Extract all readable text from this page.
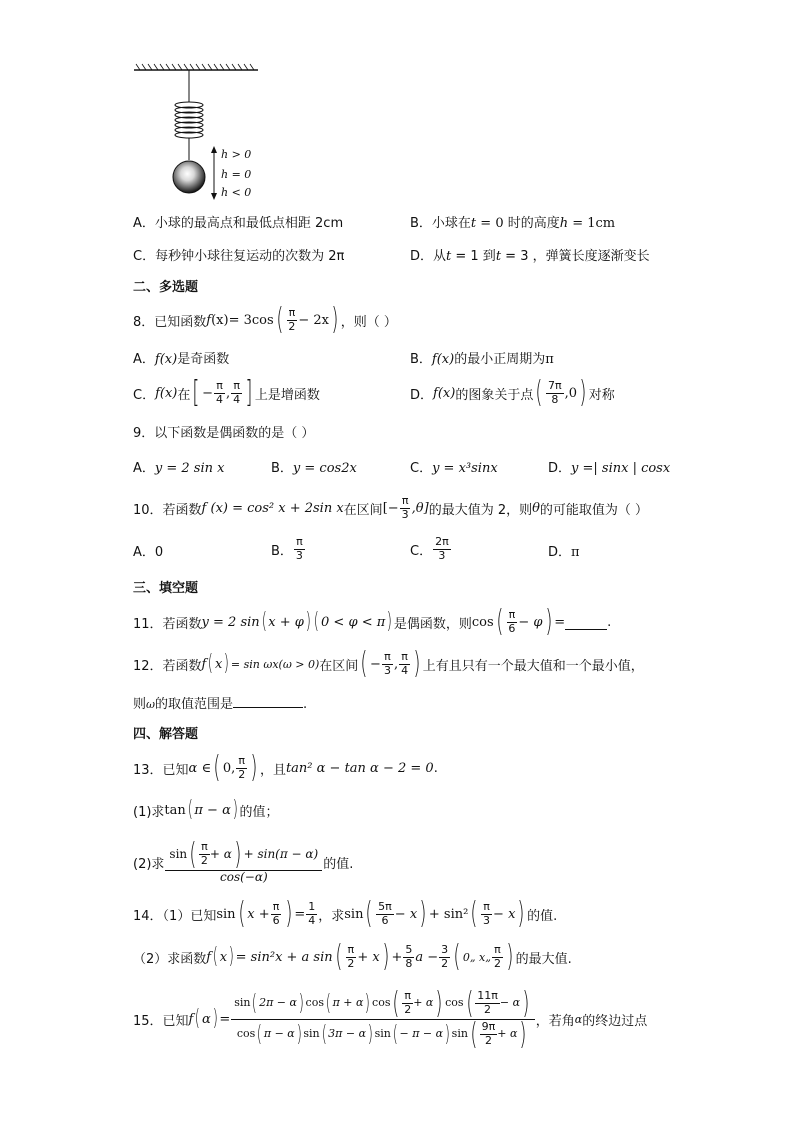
h > 0
h = 0
h < 0
A．小球的最高点和最低点相距 2cm	B．小球在t = 0 时的高度h = 1cm
C．每秒钟小球往复运动的次数为 2π	D．从t = 1 到t = 3 ，弹簧长度逐渐变长
二、多选题
8．已知函数 f (x) = 3cos ( $\frac{\pi}{2} - 2x$ ) ，则（ ）
A．f(x)是奇函数	B．f(x)的最小正周期为π
C． f(x) 在 [ − $\frac{\pi}{4}$ , $\frac{\pi}{4}$ ] 上是增函数	D． f(x) 的图象关于点 ( $\frac{7\pi}{8} ,0$ ) 对称
9．以下函数是偶函数的是（ ）
A．y = 2 sin x	B．y = cos2x	C．y = x³sinx	D．y =| sinx | cosx
10．若函数 f (x) = cos² x + 2sin x 在区间 [− $\frac{\pi}{3} ,\theta$] 的最大值为 2，则 θ 的可能取值为（ ）
A．0	B． $\frac{\pi}{3}$	C． $\frac{2\pi}{3}$	D．π
三、填空题
11．若函数 y = 2 sin ( x + φ ) ( 0 < φ < π ) 是偶函数，则 cos ( $\frac{\pi}{6} - \varphi$ ) =	.
12．若函数 f ( x ) = sin ωx(ω > 0) 在区间 ( − $\frac{\pi}{3}$ , $\frac{\pi}{4}$ ) 上有且只有一个最大值和一个最小值，
则ω的取值范围是	.
四、解答题
13．已知 α ∈ ( 0, $\frac{\pi}{2}$ ) ，且 tan² α − tan α − 2 = 0 .
(1)求 tan ( π − α ) 的值；
(2)求 $\frac{\sin ( \frac{\pi}{2} + \alpha ) + \sin(\pi - \alpha)}{\cos(-\alpha)}$ 的值.
14．（1）已知 sin ( $x + \frac{\pi}{6}$ ) = $\frac{1}{4}$ ，求 sin ( $\frac{5\pi}{6} - x$ ) + sin² ( $\frac{\pi}{3} - x$ ) 的值.
（2）求函数 f ( x ) = sin²x + a sin ( $\frac{\pi}{2} + x$ ) + $\frac{5}{8}$ $a - \frac{3}{2}$ ( 0„ x„ $\frac{\pi}{2}$ ) 的最大值.
15．已知 f ( α ) =
sin ( 2π − α ) cos ( π + α ) cos ( $\frac{\pi}{2} + \alpha$ ) cos ( $\frac{11\pi}{2} - \alpha$ )
cos ( π − α ) sin ( 3π − α ) sin ( − π − α ) sin ( $\frac{9\pi}{2} + \alpha$ ) ，若角 α 的终边过点
